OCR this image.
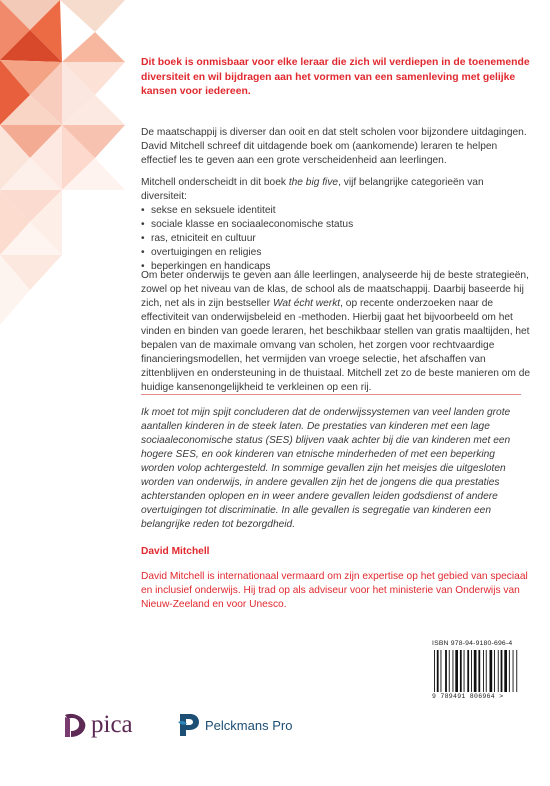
Dit boek is onmisbaar voor elke leraar die zich wil verdiepen in de toenemende diversiteit en wil bijdragen aan het vormen van een samenleving met gelijke kansen voor iedereen.
De maatschappij is diverser dan ooit en dat stelt scholen voor bijzondere uitdagingen. David Mitchell schreef dit uitdagende boek om (aankomende) leraren te helpen effectief les te geven aan een grote verscheidenheid aan leerlingen.
Mitchell onderscheidt in dit boek the big five, vijf belangrijke categorieën van diversiteit:
• sekse en seksuele identiteit
• sociale klasse en sociaaleconomische status
• ras, etniciteit en cultuur
• overtuigingen en religies
• beperkingen en handicaps
Om beter onderwijs te geven aan álle leerlingen, analyseerde hij de beste strategieën, zowel op het niveau van de klas, de school als de maatschappij. Daarbij baseerde hij zich, net als in zijn bestseller Wat écht werkt, op recente onderzoeken naar de effectiviteit van onderwijsbeleid en -methoden. Hierbij gaat het bijvoorbeeld om het vinden en binden van goede leraren, het beschikbaar stellen van gratis maaltijden, het bepalen van de maximale omvang van scholen, het zorgen voor rechtvaardige financieringsmodellen, het vermijden van vroege selectie, het afschaffen van zittenblijven en ondersteuning in de thuistaal. Mitchell zet zo de beste manieren om de huidige kansenongelijkheid te verkleinen op een rij.
Ik moet tot mijn spijt concluderen dat de onderwijssystemen van veel landen grote aantallen kinderen in de steek laten. De prestaties van kinderen met een lage sociaaleconomische status (SES) blijven vaak achter bij die van kinderen met een hogere SES, en ook kinderen van etnische minderheden of met een beperking worden volop achtergesteld. In sommige gevallen zijn het meisjes die uitgesloten worden van onderwijs, in andere gevallen zijn het de jongens die qua prestaties achterstanden oplopen en in weer andere gevallen leiden godsdienst of andere overtuigingen tot discriminatie. In alle gevallen is segregatie van kinderen een belangrijke reden tot bezorgdheid.
David Mitchell
David Mitchell is internationaal vermaard om zijn expertise op het gebied van speciaal en inclusief onderwijs. Hij trad op als adviseur voor het ministerie van Onderwijs van Nieuw-Zeeland en voor Unesco.
ISBN 978-94-9180-696-4
9 789491 806964 >
pica	Pelckmans Pro
